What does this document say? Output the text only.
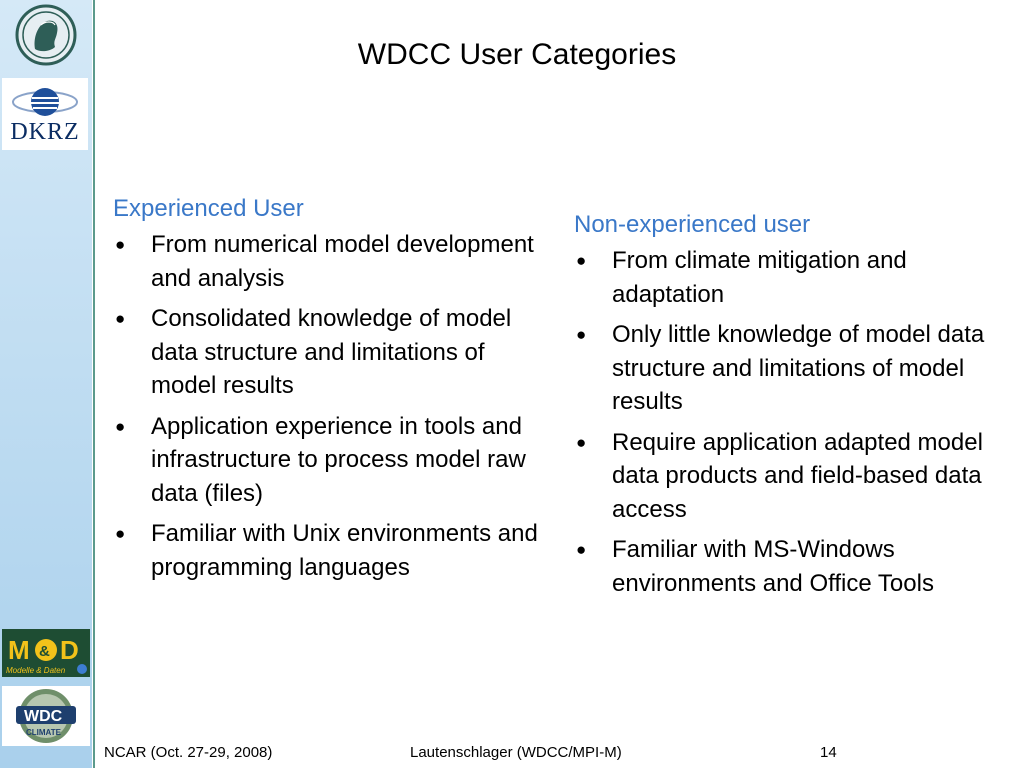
DKRZ
M & D
Modelle & Daten
WDC
CLIMATE
WDCC User Categories
Experienced User
● From numerical model development and analysis
● Consolidated knowledge of model data structure and limitations of model results
● Application experience in tools and infrastructure to process model raw data (files)
● Familiar with Unix environments and programming languages
Non-experienced user
● From climate mitigation and adaptation
● Only little knowledge of model data structure and limitations of model results
● Require application adapted model data products and field-based data access
● Familiar with MS-Windows environments and Office Tools
NCAR (Oct. 27-29, 2008)	Lautenschlager (WDCC/MPI-M)	14
